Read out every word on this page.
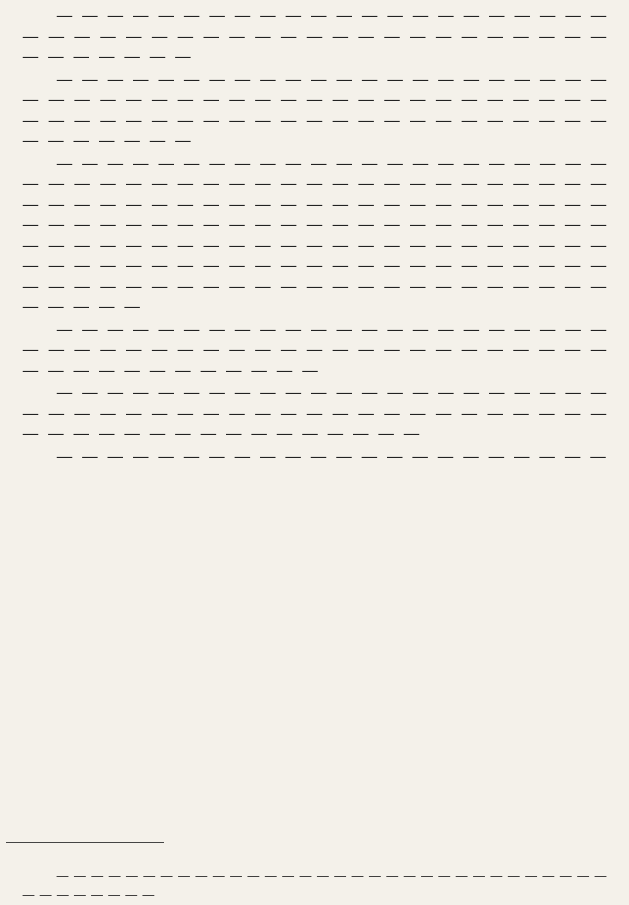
— — — — — — — — — — — — — — — — — — — — — — — — — — — — — — — — — — — — — — — — — — — — — — — — — — — —

— — — — — — — — — — — — — — — — — — — — — — — — — — — — — — — — — — — — — — — — — — — — — — — — — — — — — — — — — — — — — — — — — — — — — — — — — — —

— — — — — — — — — — — — — — — — — — — — — — — — — — — — — — — — — — — — — — — — — — — — — — — — — — — — — — — — — — — — — — — — — — — — — — — — — — — — — — — — — — — — — — — — — — — — — — — — — — — — — — — — — — — — — — — — — — — — — — — — — — — — — — — — — — — — — — — — — — — — — — — — — — — — — — — — — — — — — — — — — — — — —

— — — — — — — — — — — — — — — — — — — — — — — — — — — — — — — — — — — — — — — — — — — — — — — — — — — — — — — — —

— — — — — — — — — — — — — — — — — — — — — — — — — — — — — — — — — — — — — — — — — — — — — — — — — — — — — — — — — — — — —

— — — — — — — — — — — — — — — — — — — — — —

— — — — — — — — — — — — — — — — — — — — — — — — — — — — — — — — — — — — — — — —
